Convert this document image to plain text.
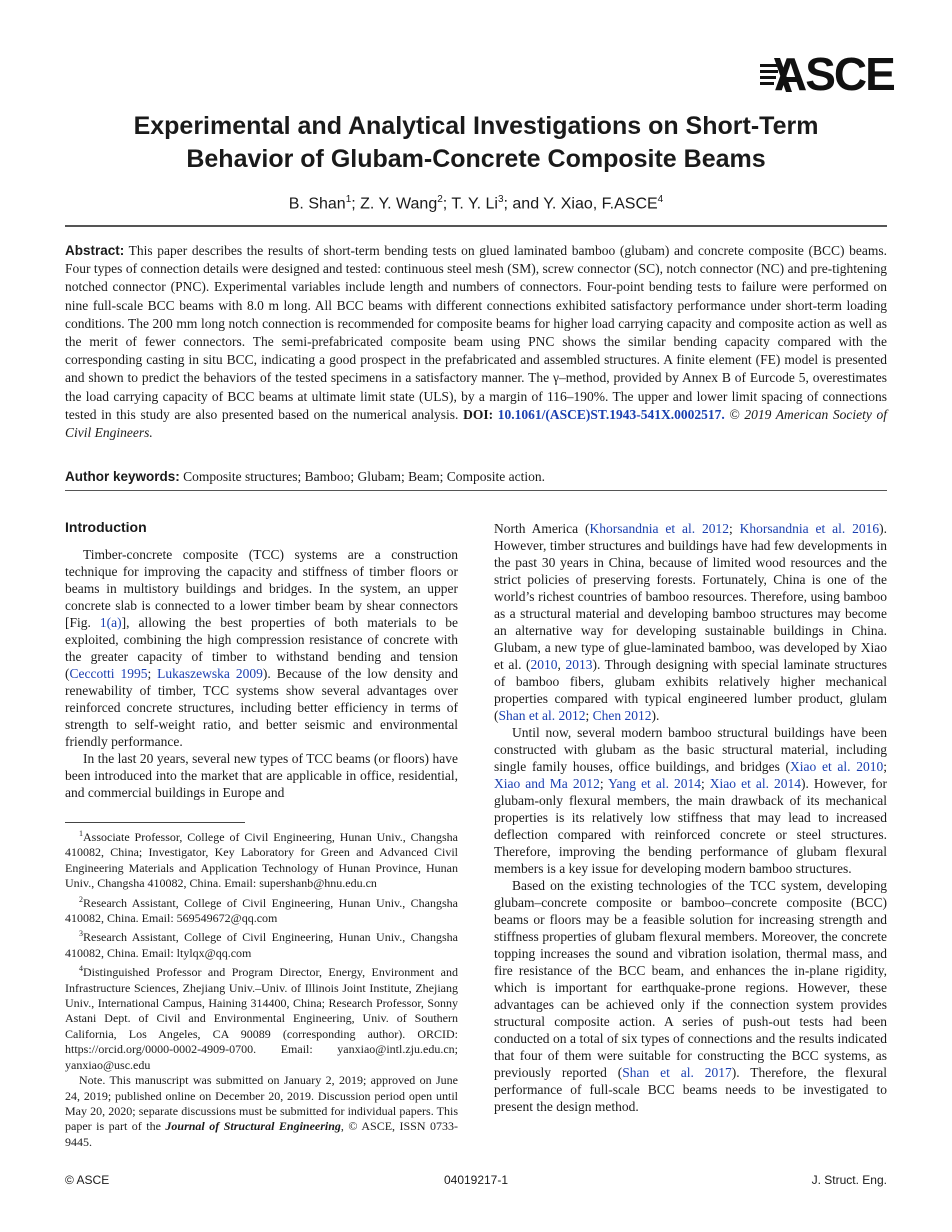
ASCE
Experimental and Analytical Investigations on Short-Term
Behavior of Glubam-Concrete Composite Beams
B. Shan$^1$; Z. Y. Wang$^2$; T. Y. Li$^3$; and Y. Xiao, F.ASCE$^4$
Abstract: This paper describes the results of short-term bending tests on glued laminated bamboo (glubam) and concrete composite (BCC) beams. Four types of connection details were designed and tested: continuous steel mesh (SM), screw connector (SC), notch connector (NC) and pre-tightening notched connector (PNC). Experimental variables include length and numbers of connectors. Four-point bending tests to failure were performed on nine full-scale BCC beams with 8.0 m long. All BCC beams with different connections exhibited satisfactory performance under short-term loading conditions. The 200 mm long notch connection is recommended for composite beams for higher load carrying capacity and composite action as well as the merit of fewer connectors. The semi-prefabricated composite beam using PNC shows the similar bending capacity compared with the corresponding casting in situ BCC, indicating a good prospect in the prefabricated and assembled structures. A finite element (FE) model is presented and shown to predict the behaviors of the tested specimens in a satisfactory manner. The γ–method, provided by Annex B of Eurcode 5, overestimates the load carrying capacity of BCC beams at ultimate limit state (ULS), by a margin of 116–190%. The upper and lower limit spacing of connections tested in this study are also presented based on the numerical analysis. DOI: 10.1061/(ASCE)ST.1943-541X.0002517. © 2019 American Society of Civil Engineers.
Author keywords: Composite structures; Bamboo; Glubam; Beam; Composite action.
Introduction

Timber-concrete composite (TCC) systems are a construction technique for improving the capacity and stiffness of timber floors or beams in multistory buildings and bridges. In the system, an upper concrete slab is connected to a lower timber beam by shear connectors [Fig. 1(a)], allowing the best properties of both materials to be exploited, combining the high compression resistance of concrete with the greater capacity of timber to withstand bending and tension (Ceccotti 1995; Lukaszewska 2009). Because of the low density and renewability of timber, TCC systems show several advantages over reinforced concrete structures, including better efficiency in terms of strength to self-weight ratio, and better seismic and environmental friendly performance.

In the last 20 years, several new types of TCC beams (or floors) have been introduced into the market that are applicable in office, residential, and commercial buildings in Europe and

$^1$Associate Professor, College of Civil Engineering, Hunan Univ., Changsha 410082, China; Investigator, Key Laboratory for Green and Advanced Civil Engineering Materials and Application Technology of Hunan Province, Hunan Univ., Changsha 410082, China. Email: supershanb@hnu.edu.cn

$^2$Research Assistant, College of Civil Engineering, Hunan Univ., Changsha 410082, China. Email: 569549672@qq.com

$^3$Research Assistant, College of Civil Engineering, Hunan Univ., Changsha 410082, China. Email: ltylqx@qq.com

$^4$Distinguished Professor and Program Director, Energy, Environment and Infrastructure Sciences, Zhejiang Univ.–Univ. of Illinois Joint Institute, Zhejiang Univ., International Campus, Haining 314400, China; Research Professor, Sonny Astani Dept. of Civil and Environmental Engineering, Univ. of Southern California, Los Angeles, CA 90089 (corresponding author). ORCID: https://orcid.org/0000-0002-4909-0700. Email: yanxiao@intl.zju.edu.cn; yanxiao@usc.edu

Note. This manuscript was submitted on January 2, 2019; approved on June 24, 2019; published online on December 20, 2019. Discussion period open until May 20, 2020; separate discussions must be submitted for individual papers. This paper is part of the Journal of Structural Engineering, © ASCE, ISSN 0733-9445.

North America (Khorsandnia et al. 2012; Khorsandnia et al. 2016). However, timber structures and buildings have had few developments in the past 30 years in China, because of limited wood resources and the strict policies of preserving forests. Fortunately, China is one of the world’s richest countries of bamboo resources. Therefore, using bamboo as a structural material and developing bamboo structures may become an alternative way for developing sustainable buildings in China. Glubam, a new type of glue-laminated bamboo, was developed by Xiao et al. (2010, 2013). Through designing with special laminate structures of bamboo fibers, glubam exhibits relatively higher mechanical properties compared with typical engineered lumber product, glulam (Shan et al. 2012; Chen 2012).

Until now, several modern bamboo structural buildings have been constructed with glubam as the basic structural material, including single family houses, office buildings, and bridges (Xiao et al. 2010; Xiao and Ma 2012; Yang et al. 2014; Xiao et al. 2014). However, for glubam-only flexural members, the main drawback of its mechanical properties is its relatively low stiffness that may lead to increased deflection compared with reinforced concrete or steel structures. Therefore, improving the bending performance of glubam flexural members is a key issue for developing modern bamboo structures.

Based on the existing technologies of the TCC system, developing glubam–concrete composite or bamboo–concrete composite (BCC) beams or floors may be a feasible solution for increasing strength and stiffness properties of glubam flexural members. Moreover, the concrete topping increases the sound and vibration isolation, thermal mass, and fire resistance of the BCC beam, and enhances the in-plane rigidity, which is important for earthquake-prone regions. However, these advantages can be achieved only if the connection system provides structural composite action. A series of push-out tests had been conducted on a total of six types of connections and the results indicated that four of them were suitable for constructing the BCC systems, as previously reported (Shan et al. 2017). Therefore, the flexural performance of full-scale BCC beams needs to be investigated to present the design method.

© ASCE	04019217-1	J. Struct. Eng.
